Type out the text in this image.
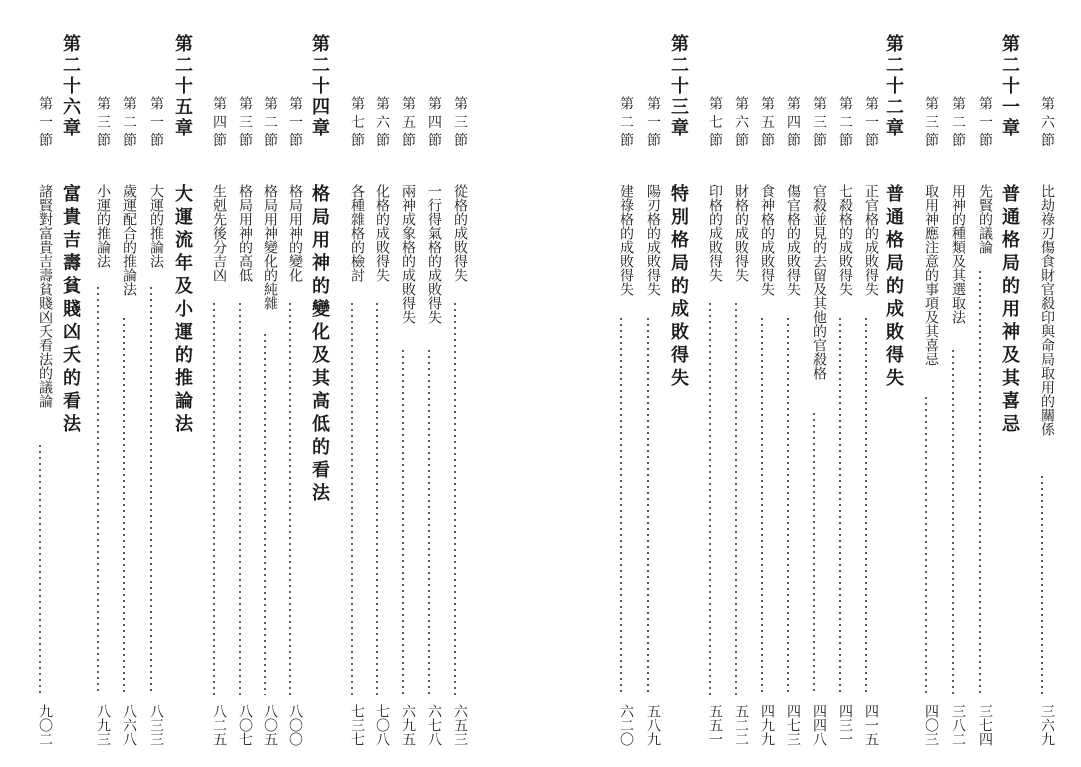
第 六 節
比劫祿刃傷食財官殺印與命局取用的關係
三六九
第二十一章
普通格局的用神及其喜忌
第 一 節
先賢的議論
三七四
第 二 節
用神的種類及其選取法
三八二
第 三 節
取用神應注意的事項及其喜忌
四〇三
第二十二章
普通格局的成敗得失
第 一 節
正官格的成敗得失
四一五
第 二 節
七殺格的成敗得失
四三一
第 三 節
官殺並見的去留及其他的官殺格
四四八
第 四 節
傷官格的成敗得失
四七三
第 五 節
食神格的成敗得失
四九九
第 六 節
財格的成敗得失
五二二
第 七 節
印格的成敗得失
五五一
第二十三章
特別格局的成敗得失
第 一 節
陽刃格的成敗得失
五八九
第 二 節
建祿格的成敗得失
六二〇
第 三 節
從格的成敗得失
六五三
第 四 節
一行得氣格的成敗得失
六七八
第 五 節
兩神成象格的成敗得失
六九五
第 六 節
化格的成敗得失
七〇八
第 七 節
各種雜格的檢討
七三七
第二十四章
格局用神的變化及其高低的看法
第 一 節
格局用神的變化
八〇〇
第 二 節
格局用神變化的純雜
八〇五
第 三 節
格局用神的高低
八〇七
第 四 節
生剋先後分吉凶
八二五
第二十五章
大運流年及小運的推論法
第 一 節
大運的推論法
八三三
第 二 節
歲運配合的推論法
八六八
第 三 節
小運的推論法
八九三
第二十六章
富貴吉壽貧賤凶夭的看法
第 一 節
諸賢對富貴吉壽貧賤凶夭看法的議論
九〇二
